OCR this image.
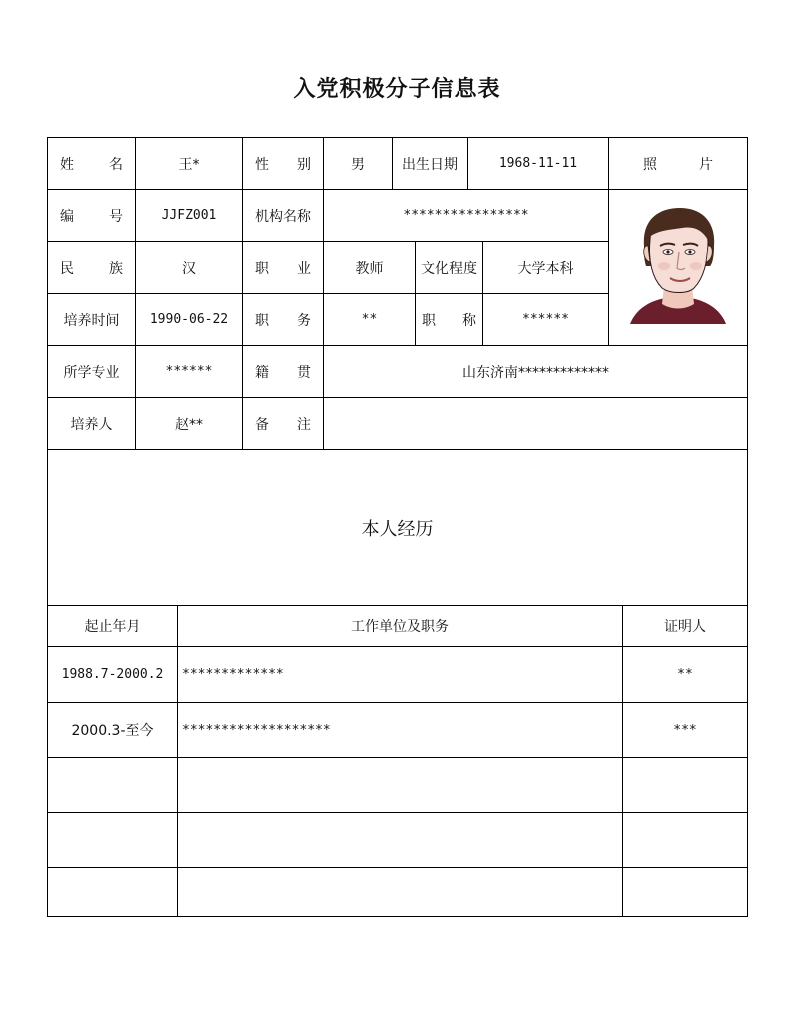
入党积极分子信息表
姓	名	王*	性 别	男	出生日期	1968-11-11	照	片
编	号	JJFZ001	机构名称	****************
民	族	汉	职 业	教师	文化程度	大学本科
培养时间	1990-06-22	职 务	**	职 称	******
所学专业	******	籍 贯	山东济南*************
培养人	赵**	备 注
本人经历
起止年月	工作单位及职务	证明人
1988.7-2000.2	*************	**
2000.3-至今	*******************	***
